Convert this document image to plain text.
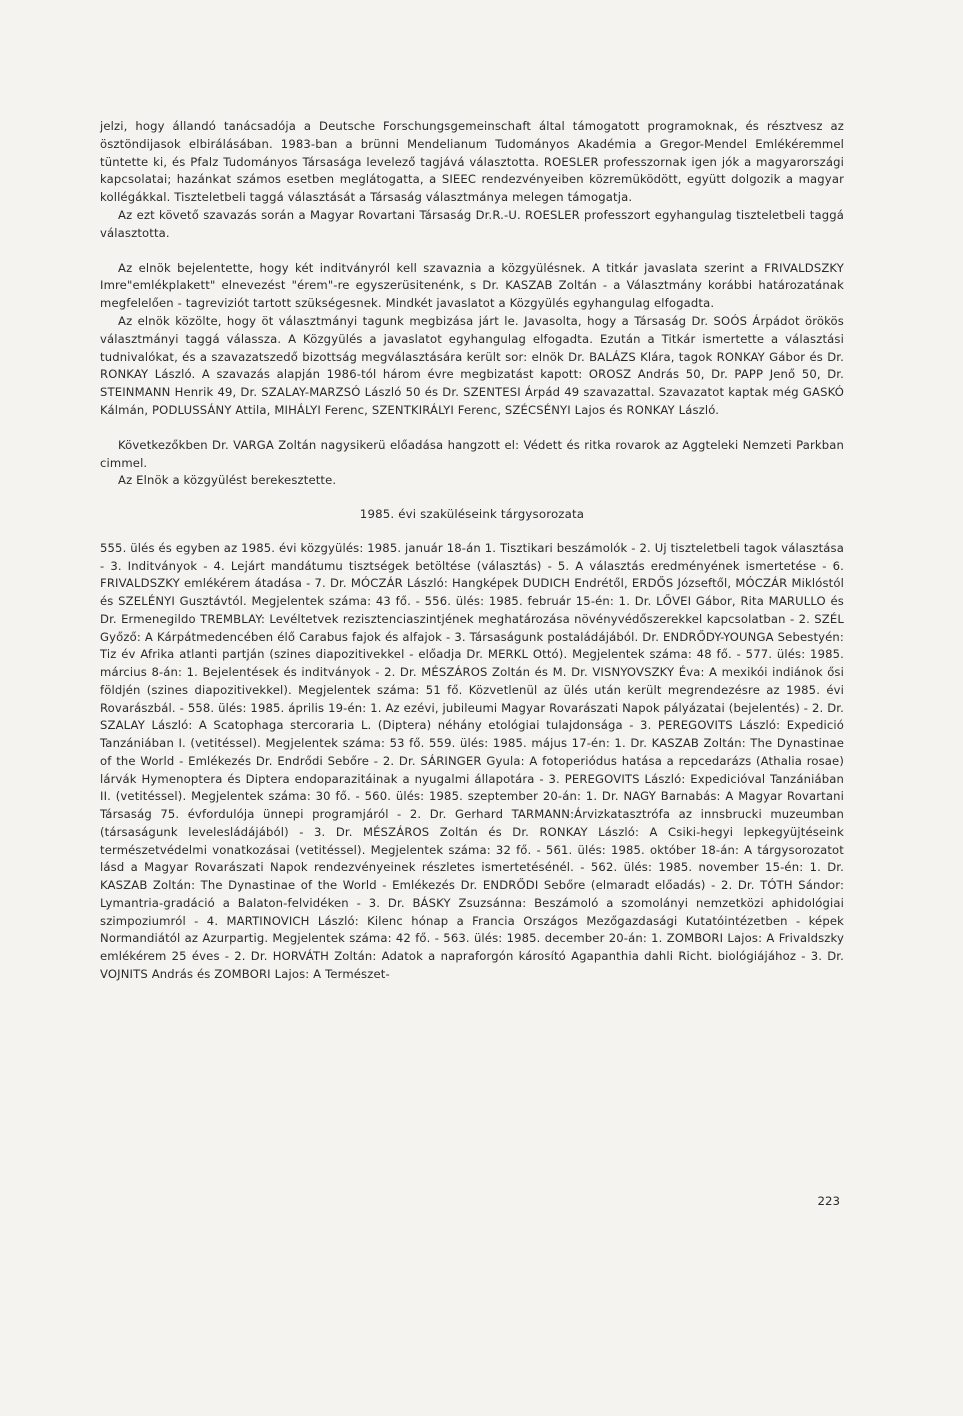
jelzi, hogy állandó tanácsadója a Deutsche Forschungsgemeinschaft által támogatott programoknak, és résztvesz az ösztöndijasok elbirálásában. 1983-ban a brünni Mendelianum Tudományos Akadémia a Gregor-Mendel Emlékéremmel tüntette ki, és Pfalz Tudományos Társasága levelező tagjává választotta. ROESLER professzornak igen jók a magyarországi kapcsolatai; hazánkat számos esetben meglátogatta, a SIEEC rendezvényeiben közremüködött, együtt dolgozik a magyar kollégákkal. Tiszteletbeli taggá választását a Társaság választmánya melegen támogatja.

Az ezt követő szavazás során a Magyar Rovartani Társaság Dr.R.-U. ROESLER professzort egyhangulag tiszteletbeli taggá választotta.

Az elnök bejelentette, hogy két inditványról kell szavaznia a közgyülésnek. A titkár javaslata szerint a FRIVALDSZKY Imre"emlékplakett" elnevezést "érem"-re egyszerüsitenénk, s Dr. KASZAB Zoltán - a Választmány korábbi határozatának megfelelően - tagreviziót tartott szükségesnek. Mindkét javaslatot a Közgyülés egyhangulag elfogadta.

Az elnök közölte, hogy öt választmányi tagunk megbizása járt le. Javasolta, hogy a Társaság Dr. SOÓS Árpádot örökös választmányi taggá válassza. A Közgyülés a javaslatot egyhangulag elfogadta. Ezután a Titkár ismertette a választási tudnivalókat, és a szavazatszedő bizottság megválasztására került sor: elnök Dr. BALÁZS Klára, tagok RONKAY Gábor és Dr. RONKAY László. A szavazás alapján 1986-tól három évre megbizatást kapott: OROSZ András 50, Dr. PAPP Jenő 50, Dr. STEINMANN Henrik 49, Dr. SZALAY-MARZSÓ László 50 és Dr. SZENTESI Árpád 49 szavazattal. Szavazatot kaptak még GASKÓ Kálmán, PODLUSSÁNY Attila, MIHÁLYI Ferenc, SZENTKIRÁLYI Ferenc, SZÉCSÉNYI Lajos és RONKAY László.

Következőkben Dr. VARGA Zoltán nagysikerü előadása hangzott el: Védett és ritka rovarok az Aggteleki Nemzeti Parkban cimmel.

Az Elnök a közgyülést berekesztette.

1985. évi szaküléseink tárgysorozata

555. ülés és egyben az 1985. évi közgyülés: 1985. január 18-án 1. Tisztikari beszámolók - 2. Uj tiszteletbeli tagok választása - 3. Inditványok - 4. Lejárt mandátumu tisztségek betöltése (választás) - 5. A választás eredményének ismertetése - 6. FRIVALDSZKY emlékérem átadása - 7. Dr. MÓCZÁR László: Hangképek DUDICH Endrétől, ERDŐS Józseftől, MÓCZÁR Miklóstól és SZELÉNYI Gusztávtól. Megjelentek száma: 43 fő. - 556. ülés: 1985. február 15-én: 1. Dr. LŐVEI Gábor, Rita MARULLO és Dr. Ermenegildo TREMBLAY: Levéltetvek rezisztenciaszintjének meghatározása növényvédőszerekkel kapcsolatban - 2. SZÉL Győző: A Kárpátmedencében élő Carabus fajok és alfajok - 3. Társaságunk postaládájából. Dr. ENDRŐDY-YOUNGA Sebestyén: Tiz év Afrika atlanti partján (szines diapozitivekkel - előadja Dr. MERKL Ottó). Megjelentek száma: 48 fő. - 577. ülés: 1985. március 8-án: 1. Bejelentések és inditványok - 2. Dr. MÉSZÁROS Zoltán és M. Dr. VISNYOVSZKY Éva: A mexikói indiánok ősi földjén (szines diapozitivekkel). Megjelentek száma: 51 fő. Közvetlenül az ülés után került megrendezésre az 1985. évi Rovarászbál. - 558. ülés: 1985. április 19-én: 1. Az ezévi, jubileumi Magyar Rovarászati Napok pályázatai (bejelentés) - 2. Dr. SZALAY László: A Scatophaga stercoraria L. (Diptera) néhány etológiai tulajdonsága - 3. PEREGOVITS László: Expedició Tanzániában I. (vetitéssel). Megjelentek száma: 53 fő. 559. ülés: 1985. május 17-én: 1. Dr. KASZAB Zoltán: The Dynastinae of the World - Emlékezés Dr. Endrődi Sebőre - 2. Dr. SÁRINGER Gyula: A fotoperiódus hatása a repcedarázs (Athalia rosae) lárvák Hymenoptera és Diptera endoparazitáinak a nyugalmi állapotára - 3. PEREGOVITS László: Expedicióval Tanzániában II. (vetitéssel). Megjelentek száma: 30 fő. - 560. ülés: 1985. szeptember 20-án: 1. Dr. NAGY Barnabás: A Magyar Rovartani Társaság 75. évfordulója ünnepi programjáról - 2. Dr. Gerhard TARMANN:Árvizkatasztrófa az innsbrucki muzeumban (társaságunk levelesládájából) - 3. Dr. MÉSZÁROS Zoltán és Dr. RONKAY László: A Csiki-hegyi lepkegyüjtéseink természetvédelmi vonatkozásai (vetitéssel). Megjelentek száma: 32 fő. - 561. ülés: 1985. október 18-án: A tárgysorozatot lásd a Magyar Rovarászati Napok rendezvényeinek részletes ismertetésénél. - 562. ülés: 1985. november 15-én: 1. Dr. KASZAB Zoltán: The Dynastinae of the World - Emlékezés Dr. ENDRŐDI Sebőre (elmaradt előadás) - 2. Dr. TÓTH Sándor: Lymantria-gradáció a Balaton-felvidéken - 3. Dr. BÁSKY Zsuzsánna: Beszámoló a szomolányi nemzetközi aphidológiai szimpoziumról - 4. MARTINOVICH László: Kilenc hónap a Francia Országos Mezőgazdasági Kutatóintézetben - képek Normandiától az Azurpartig. Megjelentek száma: 42 fő. - 563. ülés: 1985. december 20-án: 1. ZOMBORI Lajos: A Frivaldszky emlékérem 25 éves - 2. Dr. HORVÁTH Zoltán: Adatok a napraforgón károsító Agapanthia dahli Richt. biológiájához - 3. Dr. VOJNITS András és ZOMBORI Lajos: A Természet-

223
